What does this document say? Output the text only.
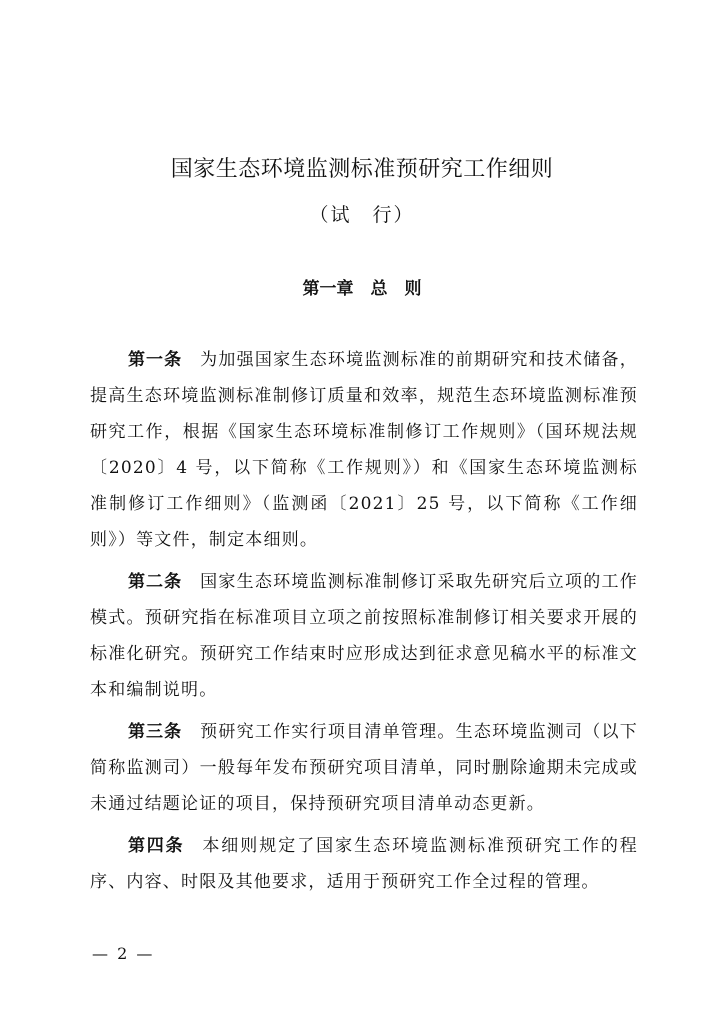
国家生态环境监测标准预研究工作细则
（试　行）
第一章　总　则

第一条 为加强国家生态环境监测标准的前期研究和技术储备，提高生态环境监测标准制修订质量和效率，规范生态环境监测标准预研究工作，根据《国家生态环境标准制修订工作规则》（国环规法规〔2020〕4 号，以下简称《工作规则》）和《国家生态环境监测标准制修订工作细则》（监测函〔2021〕25 号，以下简称《工作细则》）等文件，制定本细则。

第二条 国家生态环境监测标准制修订采取先研究后立项的工作模式。预研究指在标准项目立项之前按照标准制修订相关要求开展的标准化研究。预研究工作结束时应形成达到征求意见稿水平的标准文本和编制说明。

第三条 预研究工作实行项目清单管理。生态环境监测司（以下简称监测司）一般每年发布预研究项目清单，同时删除逾期未完成或未通过结题论证的项目，保持预研究项目清单动态更新。

第四条 本细则规定了国家生态环境监测标准预研究工作的程序、内容、时限及其他要求，适用于预研究工作全过程的管理。

— 2 —
